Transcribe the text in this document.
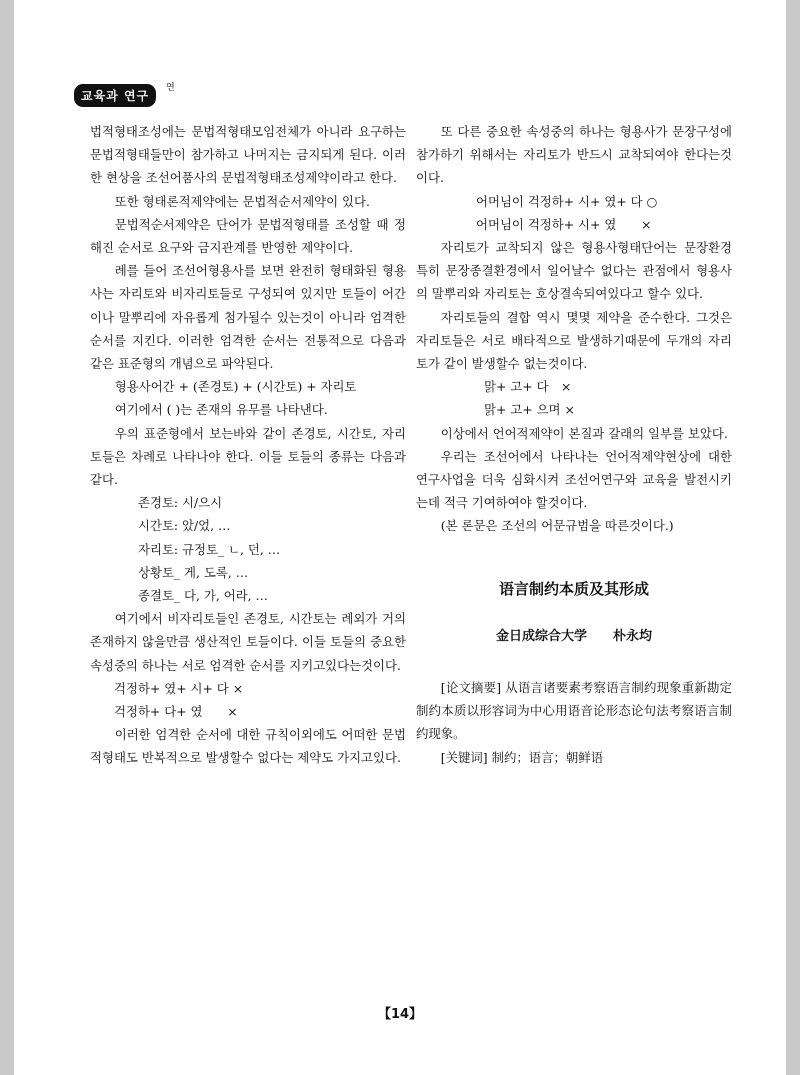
교육과 연구
연

법적형태조성에는 문법적형태모임전체가 아니라 요구하는 문법적형태들만이 참가하고 나머지는 금지되게 된다. 이러한 현상을 조선어품사의 문법적형태조성제약이라고 한다.

또한 형태론적제약에는 문법적순서제약이 있다.

문법적순서제약은 단어가 문법적형태를 조성할 때 정해진 순서로 요구와 금지관계를 반영한 제약이다.

례를 들어 조선어형용사를 보면 완전히 형태화된 형용사는 자리토와 비자리토들로 구성되여 있지만 토들이 어간이나 말뿌리에 자유롭게 첨가될수 있는것이 아니라 엄격한 순서를 지킨다. 이러한 엄격한 순서는 전통적으로 다음과 같은 표준형의 개념으로 파악된다.

형용사어간 + (존경토) + (시간토) + 자리토

여기에서 ( )는 존재의 유무를 나타낸다.

우의 표준형에서 보는바와 같이 존경토, 시간토, 자리토들은 차례로 나타나야 한다. 이들 토들의 종류는 다음과 같다.

존경토: 시/으시

시간토: 았/었, …

자리토: 규정토_ ㄴ, 던, …

상황토_ 게, 도록, …

종결토_ 다, 가, 어라, …

여기에서 비자리토들인 존경토, 시간토는 례외가 거의 존재하지 않을만큼 생산적인 토들이다. 이들 토들의 중요한 속성중의 하나는 서로 엄격한 순서를 지키고있다는것이다.

걱정하+ 였+ 시+ 다 ×

걱정하+ 다+ 였　　×

이러한 엄격한 순서에 대한 규칙이외에도 어떠한 문법적형태도 반복적으로 발생할수 없다는 제약도 가지고있다.

또 다른 중요한 속성중의 하나는 형용사가 문장구성에 참가하기 위해서는 자리토가 반드시 교착되여야 한다는것이다.

어머님이 걱정하+ 시+ 였+ 다 ○

어머님이 걱정하+ 시+ 였　　×

자리토가 교착되지 않은 형용사형태단어는 문장환경 특히 문장종결환경에서 일어날수 없다는 관점에서 형용사의 말뿌리와 자리토는 호상결속되여있다고 할수 있다.

자리토들의 결합 역시 몇몇 제약을 준수한다. 그것은 자리토들은 서로 배타적으로 발생하기때문에 두개의 자리토가 같이 발생할수 없는것이다.

맑+ 고+ 다　×

맑+ 고+ 으며 ×

이상에서 언어적제약이 본질과 갈래의 일부를 보았다.

우리는 조선어에서 나타나는 언어적제약현상에 대한 연구사업을 더욱 심화시켜 조선어연구와 교육을 발전시키는데 적극 기여하여야 할것이다.

(본 론문은 조선의 어문규범을 따른것이다.)

语言制约本质及其形成
金日成综合大学　　朴永均

[论文摘要] 从语言诸要素考察语言制约现象重新勘定制约本质以形容词为中心用语音论形态论句法考察语言制约现象。

[关键词] 制约；语言；朝鲜语

【14】
